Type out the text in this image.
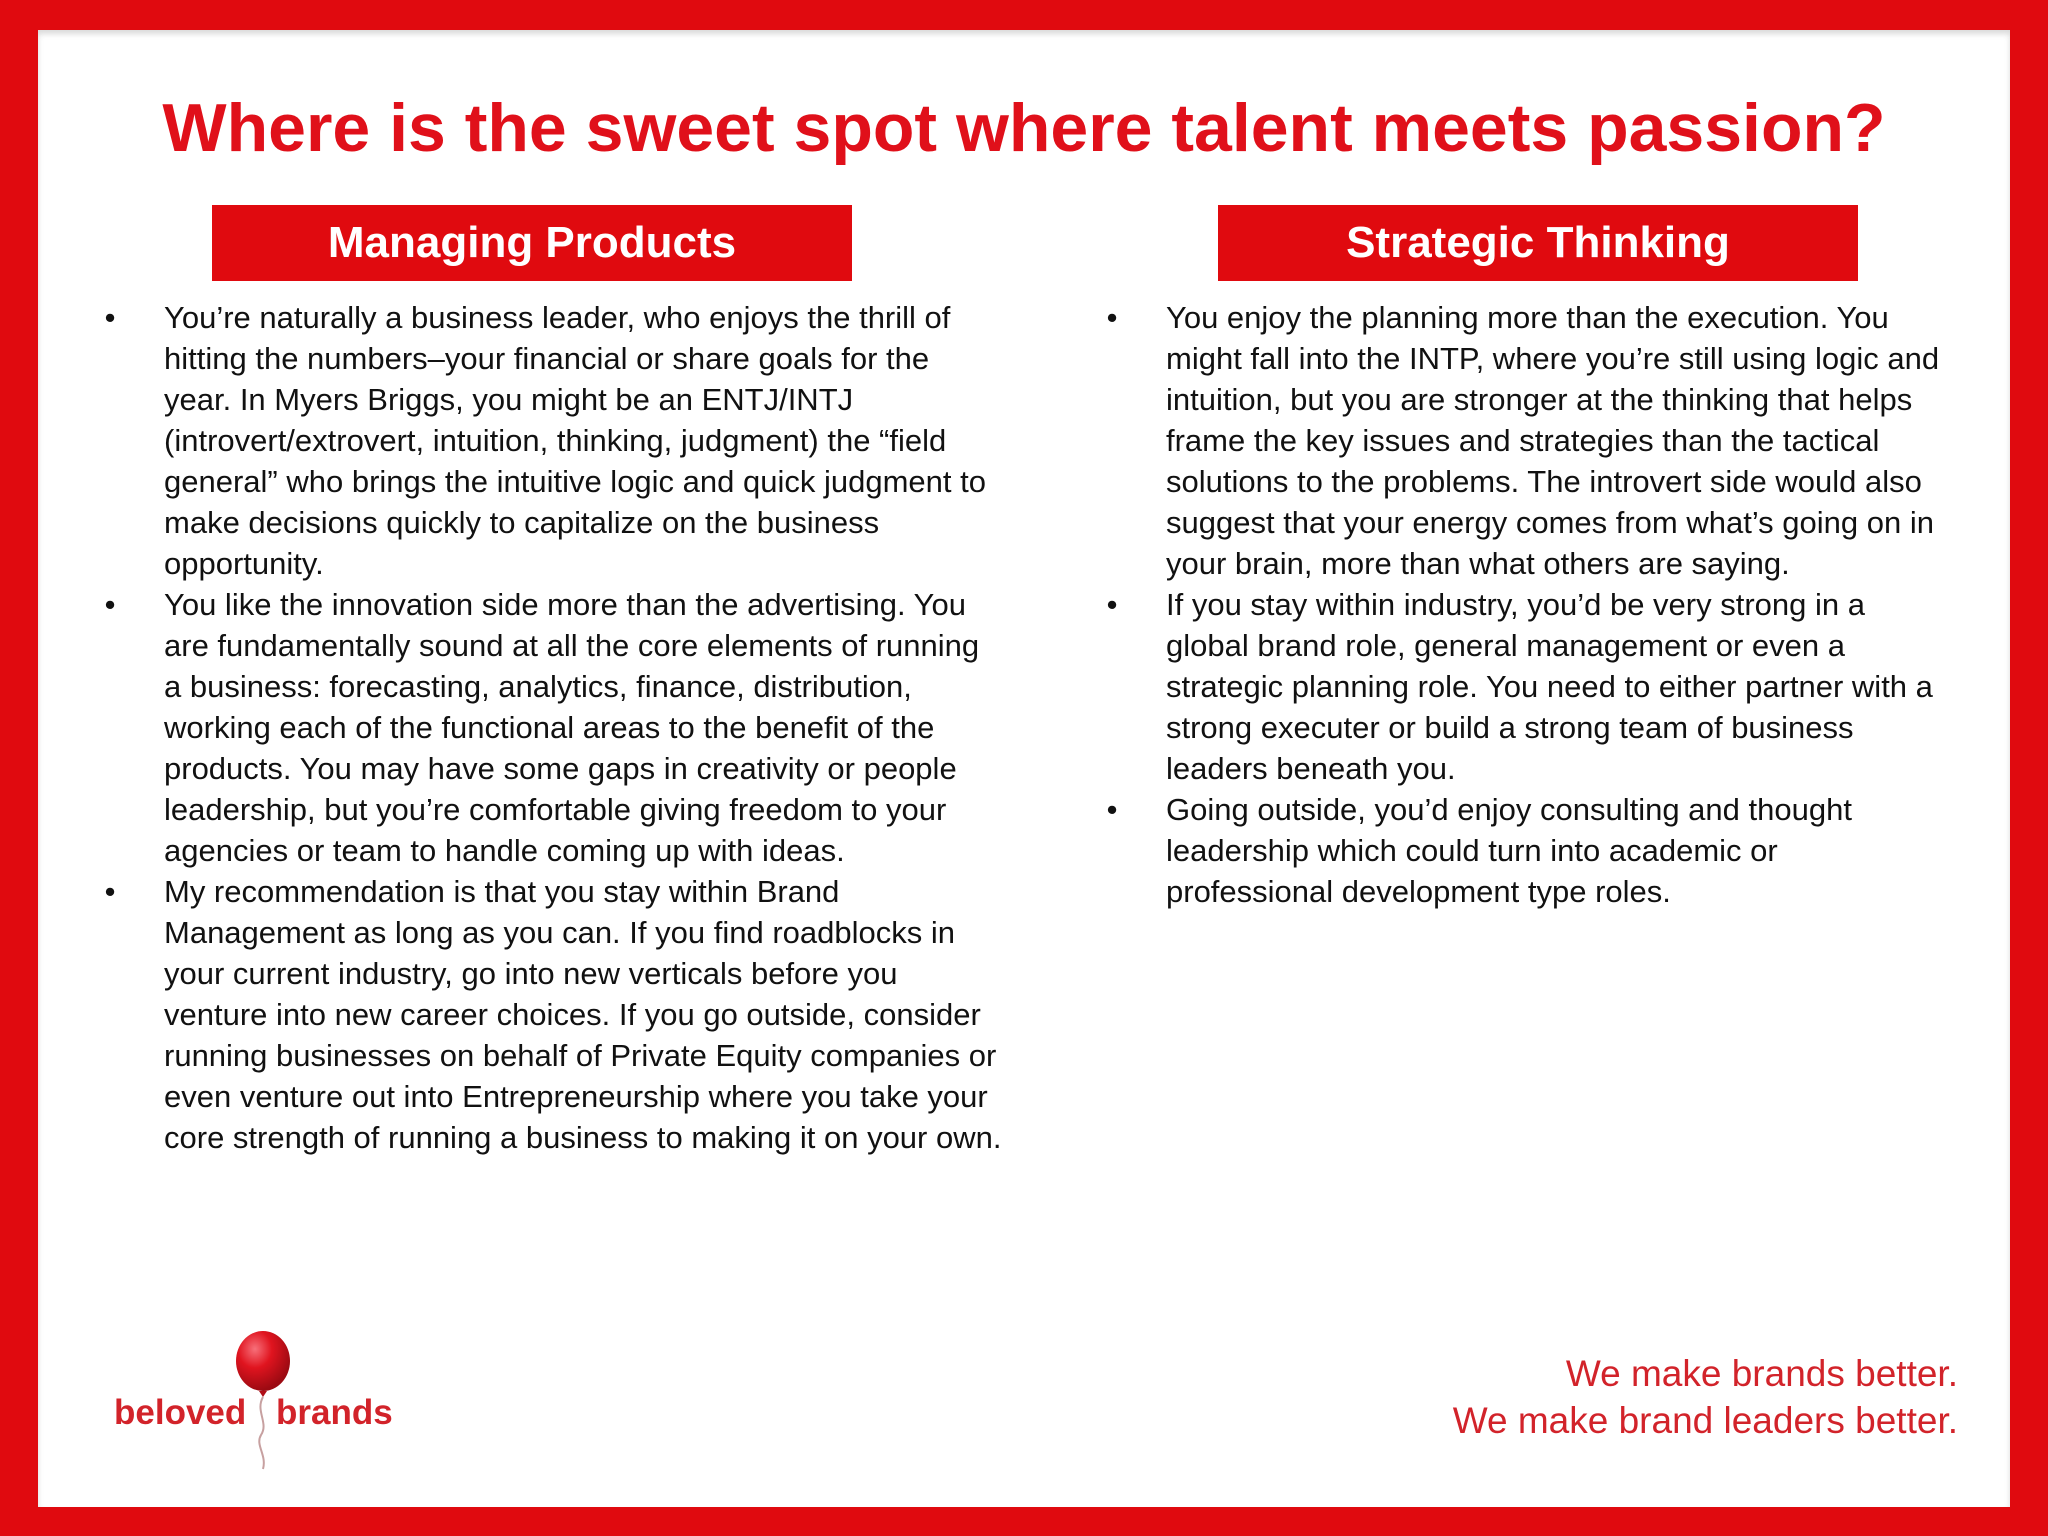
Where is the sweet spot where talent meets passion?
Managing Products	Strategic Thinking
• You’re naturally a business leader, who enjoys the thrill of hitting the numbers–your financial or share goals for the year. In Myers Briggs, you might be an ENTJ/INTJ (introvert/extrovert, intuition, thinking, judgment) the “field general” who brings the intuitive logic and quick judgment to make decisions quickly to capitalize on the business opportunity.
• You like the innovation side more than the advertising. You are fundamentally sound at all the core elements of running a business: forecasting, analytics, finance, distribution, working each of the functional areas to the benefit of the products. You may have some gaps in creativity or people leadership, but you’re comfortable giving freedom to your agencies or team to handle coming up with ideas.
• My recommendation is that you stay within Brand Management as long as you can. If you find roadblocks in your current industry, go into new verticals before you venture into new career choices. If you go outside, consider running businesses on behalf of Private Equity companies or even venture out into Entrepreneurship where you take your core strength of running a business to making it on your own.
• You enjoy the planning more than the execution. You might fall into the INTP, where you’re still using logic and intuition, but you are stronger at the thinking that helps frame the key issues and strategies than the tactical solutions to the problems. The introvert side would also suggest that your energy comes from what’s going on in your brain, more than what others are saying.
• If you stay within industry, you’d be very strong in a global brand role, general management or even a strategic planning role. You need to either partner with a strong executer or build a strong team of business leaders beneath you.
• Going outside, you’d enjoy consulting and thought leadership which could turn into academic or professional development type roles.
beloved brands
We make brands better.
We make brand leaders better.
